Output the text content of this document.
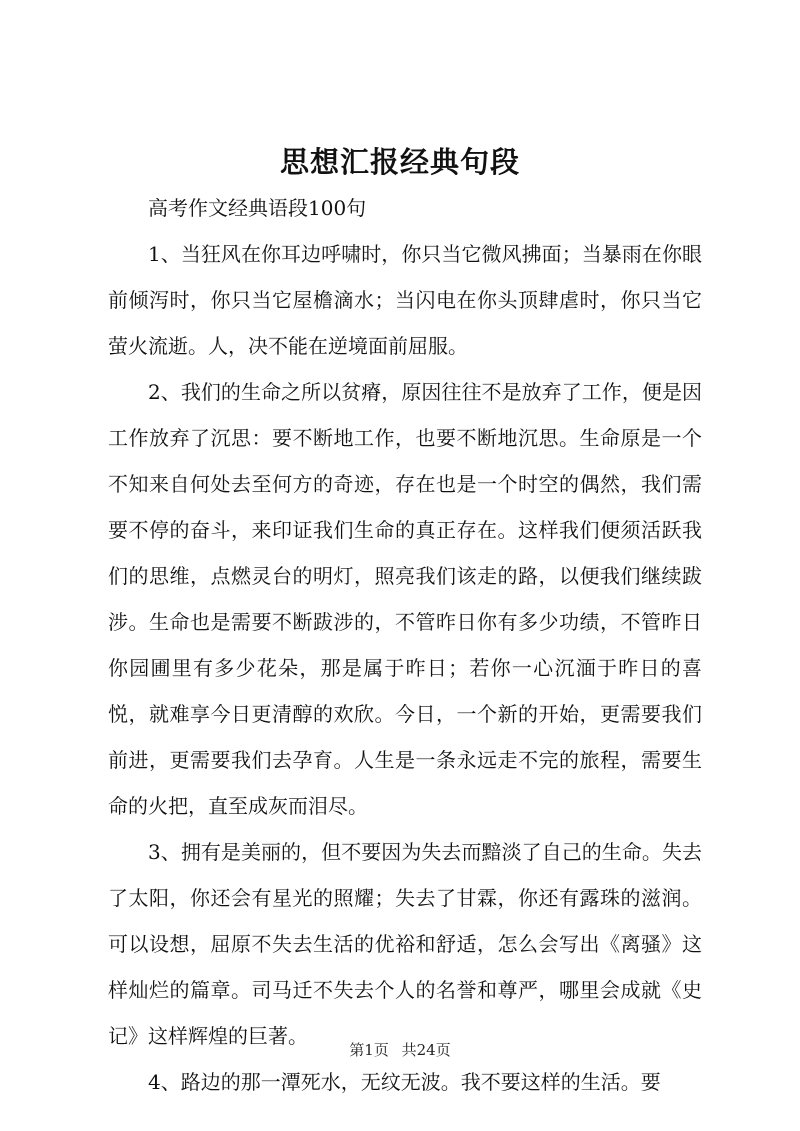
思想汇报经典句段

高考作文经典语段100句

1、当狂风在你耳边呼啸时，你只当它微风拂面；当暴雨在你眼前倾泻时，你只当它屋檐滴水；当闪电在你头顶肆虐时，你只当它萤火流逝。人，决不能在逆境面前屈服。

2、我们的生命之所以贫瘠，原因往往不是放弃了工作，便是因工作放弃了沉思：要不断地工作，也要不断地沉思。生命原是一个不知来自何处去至何方的奇迹，存在也是一个时空的偶然，我们需要不停的奋斗，来印证我们生命的真正存在。这样我们便须活跃我们的思维，点燃灵台的明灯，照亮我们该走的路，以便我们继续跋涉。生命也是需要不断跋涉的，不管昨日你有多少功绩，不管昨日你园圃里有多少花朵，那是属于昨日；若你一心沉湎于昨日的喜悦，就难享今日更清醇的欢欣。今日，一个新的开始，更需要我们前进，更需要我们去孕育。人生是一条永远走不完的旅程，需要生命的火把，直至成灰而泪尽。

3、拥有是美丽的，但不要因为失去而黯淡了自己的生命。失去了太阳，你还会有星光的照耀；失去了甘霖，你还有露珠的滋润。可以设想，屈原不失去生活的优裕和舒适，怎么会写出《离骚》这样灿烂的篇章。司马迁不失去个人的名誉和尊严，哪里会成就《史记》这样辉煌的巨著。

4、路边的那一潭死水，无纹无波。我不要这样的生活。要

第1页 共24页
